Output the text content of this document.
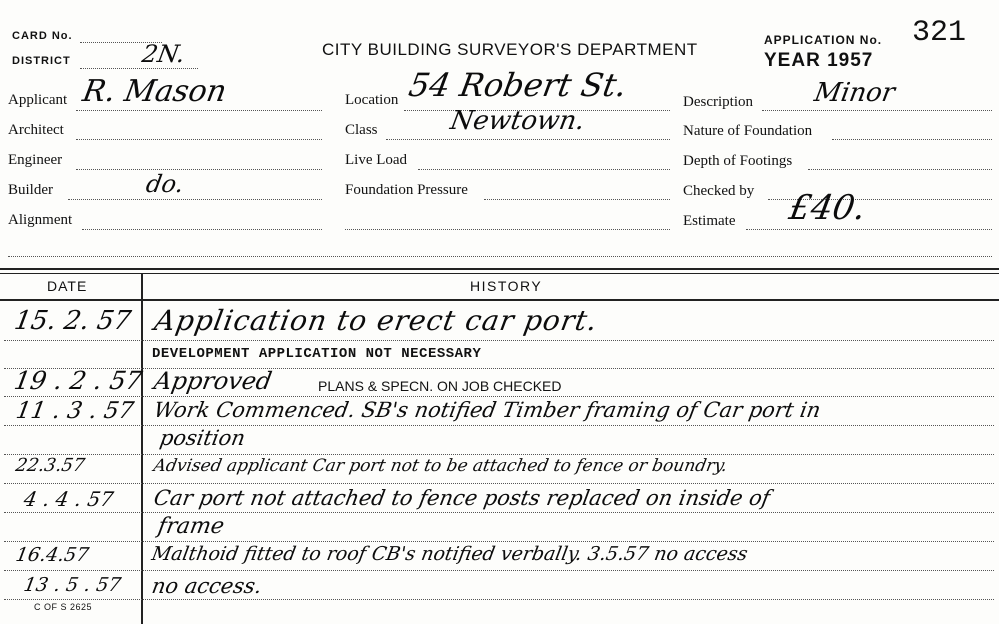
CARD No.
DISTRICT	2N.	CITY BUILDING SURVEYOR'S DEPARTMENT	APPLICATION No. 321
YEAR 1957
Applicant R. Mason
Architect
Engineer
Builder	do.
Alignment
Location 54 Robert St.
Class	Newtown.
Live Load
Foundation Pressure
Description Minor
Nature of Foundation
Depth of Footings
Checked by
Estimate £40.
DATE	HISTORY
15. 2. 57 Application to erect car port.
DEVELOPMENT APPLICATION NOT NECESSARY
19 . 2 . 57 Approved	PLANS & SPECN. ON JOB CHECKED
11 . 3 . 57 Work Commenced. SB's notified Timber framing of Car port in
position
22.3.57	Advised applicant Car port not to be attached to fence or boundry.
4 . 4 . 57 Car port not attached to fence posts replaced on inside of
frame
16.4.57	Malthoid fitted to roof CB's notified verbally. 3.5.57 no access
13 . 5 . 57 no access.
C OF S 2625
